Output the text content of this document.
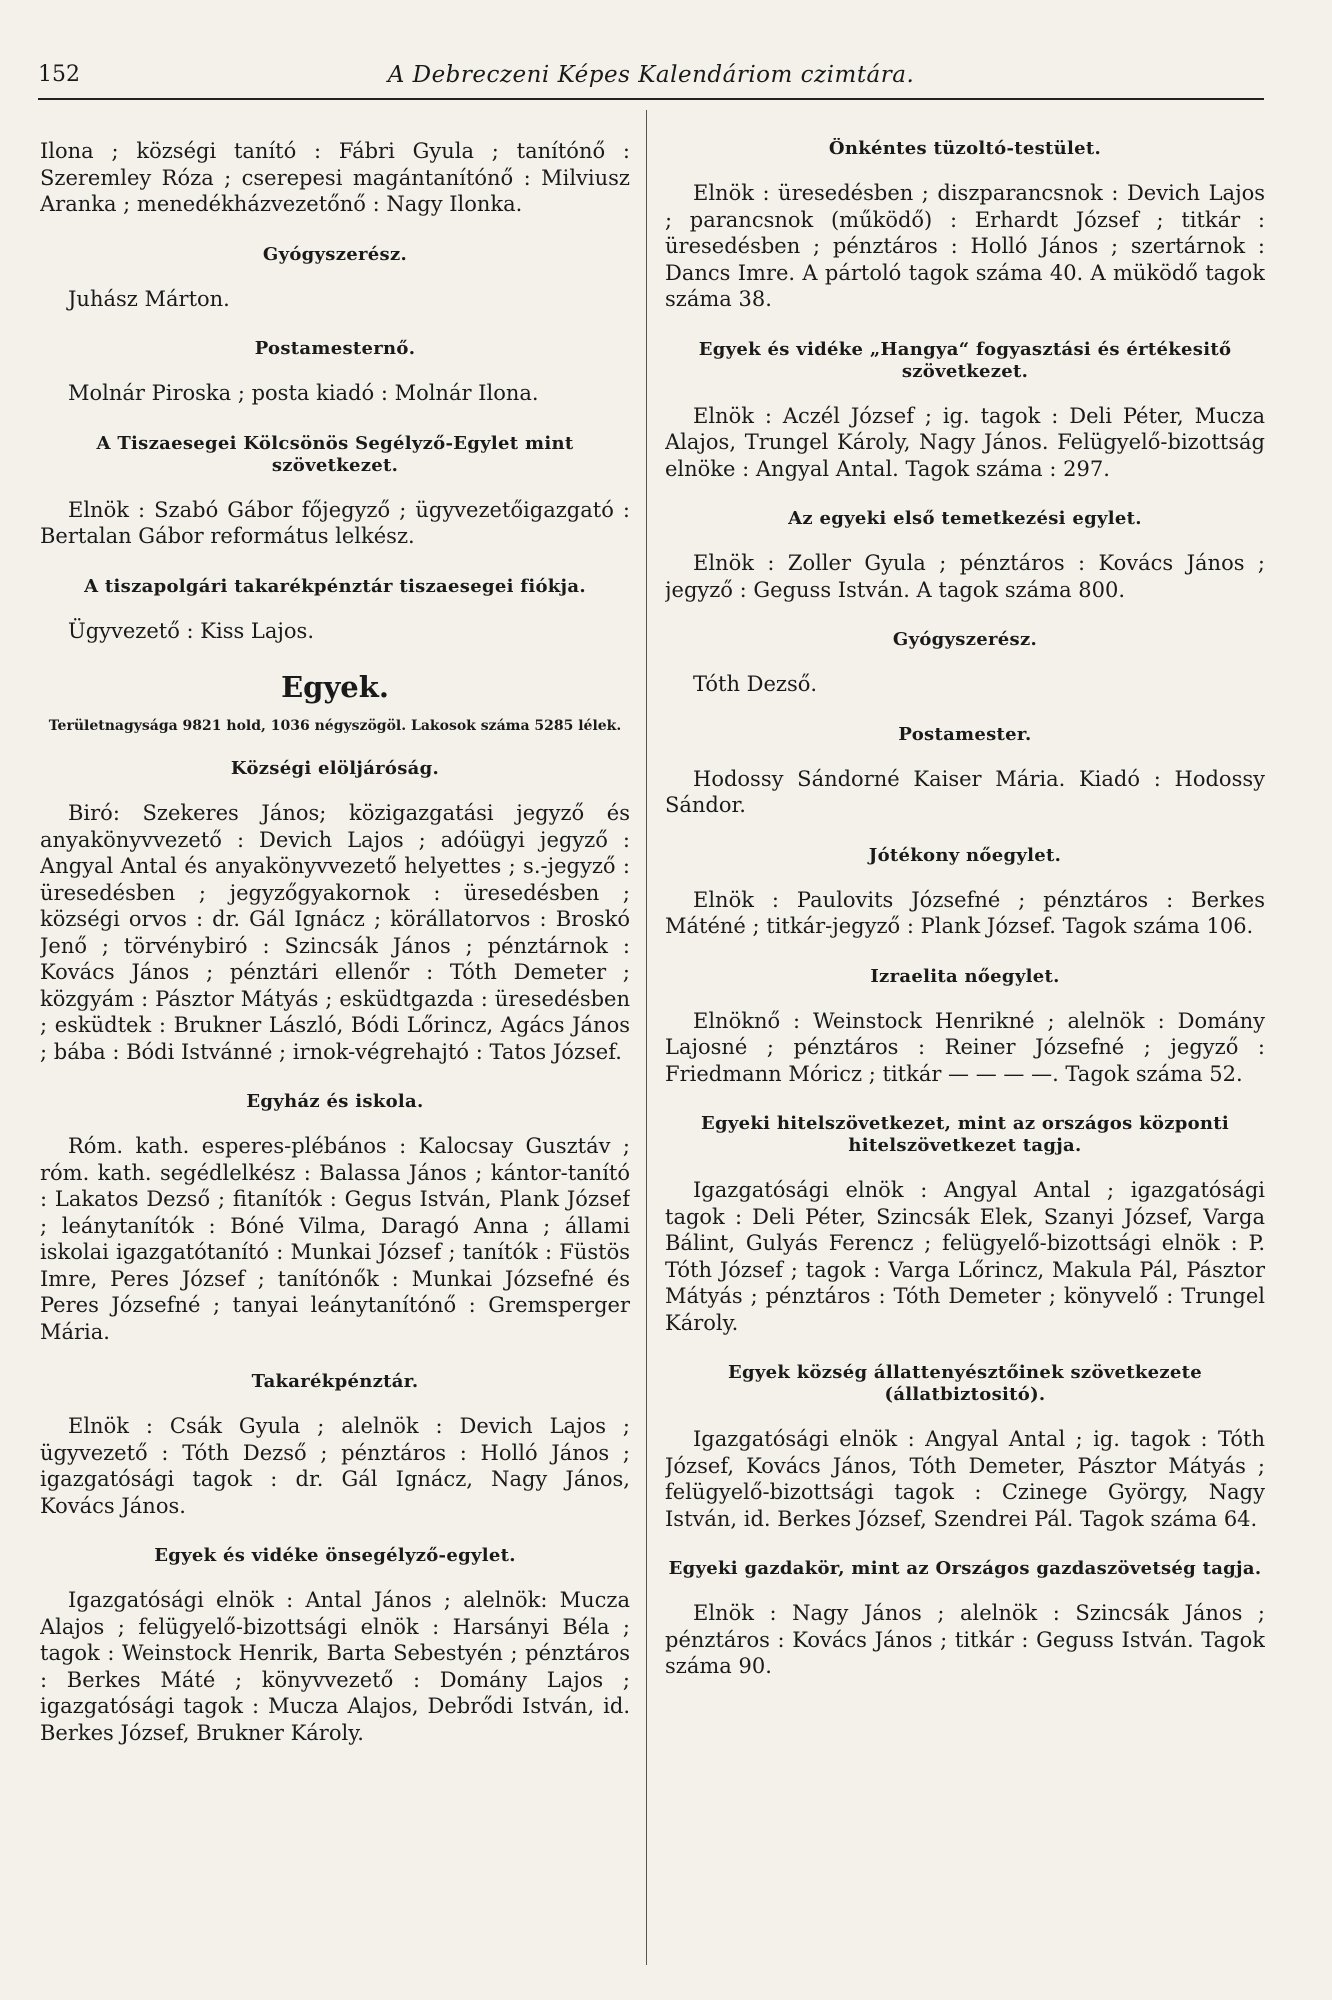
152	A Debreczeni Képes Kalendáriom czimtára.

Ilona ; községi tanító : Fábri Gyula ; tanítónő : Szeremley Róza ; cserepesi magántanítónő : Milviusz Aranka ; menedékházvezetőnő : Nagy Ilonka.

Gyógyszerész.

Juhász Márton.

Postamesternő.

Molnár Piroska ; posta kiadó : Molnár Ilona.

A Tiszaesegei Kölcsönös Segélyző-Egylet mint szövetkezet.

Elnök : Szabó Gábor főjegyző ; ügyvezetőigazgató : Bertalan Gábor református lelkész.

A tiszapolgári takarékpénztár tiszaesegei fiókja.

Ügyvezető : Kiss Lajos.

Egyek.
Területnagysága 9821 hold, 1036 négyszögöl. Lakosok száma 5285 lélek.
Községi elöljáróság.

Biró: Szekeres János; közigazgatási jegyző és anyakönyvvezető : Devich Lajos ; adóügyi jegyző : Angyal Antal és anyakönyvvezető helyettes ; s.-jegyző : üresedésben ; jegyzőgyakornok : üresedésben ; községi orvos : dr. Gál Ignácz ; körállatorvos : Broskó Jenő ; törvénybiró : Szincsák János ; pénztárnok : Kovács János ; pénztári ellenőr : Tóth Demeter ; közgyám : Pásztor Mátyás ; esküdtgazda : üresedésben ; esküdtek : Brukner László, Bódi Lőrincz, Agács János ; bába : Bódi Istvánné ; irnok-végrehajtó : Tatos József.

Egyház és iskola.

Róm. kath. esperes-plébános : Kalocsay Gusztáv ; róm. kath. segédlelkész : Balassa János ; kántor-tanító : Lakatos Dezső ; fitanítók : Gegus István, Plank József ; leánytanítók : Bóné Vilma, Daragó Anna ; állami iskolai igazgatótanító : Munkai József ; tanítók : Füstös Imre, Peres József ; tanítónők : Munkai Józsefné és Peres Józsefné ; tanyai leánytanítónő : Gremsperger Mária.

Takarékpénztár.

Elnök : Csák Gyula ; alelnök : Devich Lajos ; ügyvezető : Tóth Dezső ; pénztáros : Holló János ; igazgatósági tagok : dr. Gál Ignácz, Nagy János, Kovács János.

Egyek és vidéke önsegélyző-egylet.

Igazgatósági elnök : Antal János ; alelnök: Mucza Alajos ; felügyelő-bizottsági elnök : Harsányi Béla ; tagok : Weinstock Henrik, Barta Sebestyén ; pénztáros : Berkes Máté ; könyvvezető : Domány Lajos ; igazgatósági tagok : Mucza Alajos, Debrődi István, id. Berkes József, Brukner Károly.

Önkéntes tüzoltó-testület.

Elnök : üresedésben ; diszparancsnok : Devich Lajos ; parancsnok (működő) : Erhardt József ; titkár : üresedésben ; pénztáros : Holló János ; szertárnok : Dancs Imre. A pártoló tagok száma 40. A müködő tagok száma 38.

Egyek és vidéke „Hangya“ fogyasztási és értékesitő szövetkezet.

Elnök : Aczél József ; ig. tagok : Deli Péter, Mucza Alajos, Trungel Károly, Nagy János. Felügyelő-bizottság elnöke : Angyal Antal. Tagok száma : 297.

Az egyeki első temetkezési egylet.

Elnök : Zoller Gyula ; pénztáros : Kovács János ; jegyző : Geguss István. A tagok száma 800.

Gyógyszerész.

Tóth Dezső.

Postamester.

Hodossy Sándorné Kaiser Mária. Kiadó : Hodossy Sándor.

Jótékony nőegylet.

Elnök : Paulovits Józsefné ; pénztáros : Berkes Máténé ; titkár-jegyző : Plank József. Tagok száma 106.

Izraelita nőegylet.

Elnöknő : Weinstock Henrikné ; alelnök : Domány Lajosné ; pénztáros : Reiner Józsefné ; jegyző : Friedmann Móricz ; titkár — — — —. Tagok száma 52.

Egyeki hitelszövetkezet, mint az országos központi hitelszövetkezet tagja.

Igazgatósági elnök : Angyal Antal ; igazgatósági tagok : Deli Péter, Szincsák Elek, Szanyi József, Varga Bálint, Gulyás Ferencz ; felügyelő-bizottsági elnök : P. Tóth József ; tagok : Varga Lőrincz, Makula Pál, Pásztor Mátyás ; pénztáros : Tóth Demeter ; könyvelő : Trungel Károly.

Egyek község állattenyésztőinek szövetkezete (állatbiztositó).

Igazgatósági elnök : Angyal Antal ; ig. tagok : Tóth József, Kovács János, Tóth Demeter, Pásztor Mátyás ; felügyelő-bizottsági tagok : Czinege György, Nagy István, id. Berkes József, Szendrei Pál. Tagok száma 64.

Egyeki gazdakör, mint az Országos gazdaszövetség tagja.

Elnök : Nagy János ; alelnök : Szincsák János ; pénztáros : Kovács János ; titkár : Geguss István. Tagok száma 90.
